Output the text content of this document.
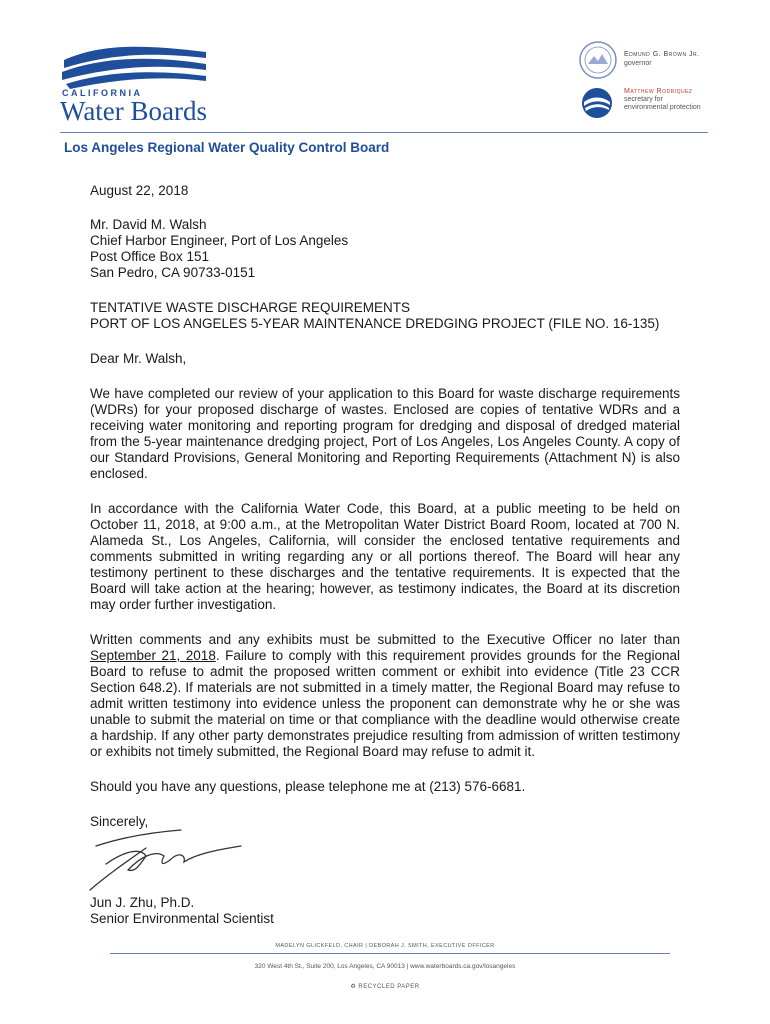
CALIFORNIA
Water Boards
Edmund G. Brown Jr.
governor
Matthew Rodriquez
secretary for
environmental protection
Los Angeles Regional Water Quality Control Board

August 22, 2018

Mr. David M. Walsh
Chief Harbor Engineer, Port of Los Angeles
Post Office Box 151
San Pedro, CA 90733-0151

TENTATIVE WASTE DISCHARGE REQUIREMENTS
PORT OF LOS ANGELES 5-YEAR MAINTENANCE DREDGING PROJECT (FILE NO. 16-135)

Dear Mr. Walsh,

We have completed our review of your application to this Board for waste discharge requirements (WDRs) for your proposed discharge of wastes. Enclosed are copies of tentative WDRs and a receiving water monitoring and reporting program for dredging and disposal of dredged material from the 5-year maintenance dredging project, Port of Los Angeles, Los Angeles County. A copy of our Standard Provisions, General Monitoring and Reporting Requirements (Attachment N) is also enclosed.

In accordance with the California Water Code, this Board, at a public meeting to be held on October 11, 2018, at 9:00 a.m., at the Metropolitan Water District Board Room, located at 700 N. Alameda St., Los Angeles, California, will consider the enclosed tentative requirements and comments submitted in writing regarding any or all portions thereof. The Board will hear any testimony pertinent to these discharges and the tentative requirements. It is expected that the Board will take action at the hearing; however, as testimony indicates, the Board at its discretion may order further investigation.

Written comments and any exhibits must be submitted to the Executive Officer no later than September 21, 2018. Failure to comply with this requirement provides grounds for the Regional Board to refuse to admit the proposed written comment or exhibit into evidence (Title 23 CCR Section 648.2). If materials are not submitted in a timely matter, the Regional Board may refuse to admit written testimony into evidence unless the proponent can demonstrate why he or she was unable to submit the material on time or that compliance with the deadline would otherwise create a hardship. If any other party demonstrates prejudice resulting from admission of written testimony or exhibits not timely submitted, the Regional Board may refuse to admit it.

Should you have any questions, please telephone me at (213) 576-6681.

Sincerely,

Jun J. Zhu, Ph.D.
Senior Environmental Scientist
MADELYN GLICKFELD, CHAIR | DEBORAH J. SMITH, EXECUTIVE OFFICER
320 West 4th St., Suite 200, Los Angeles, CA 90013 | www.waterboards.ca.gov/losangeles
♻ RECYCLED PAPER
